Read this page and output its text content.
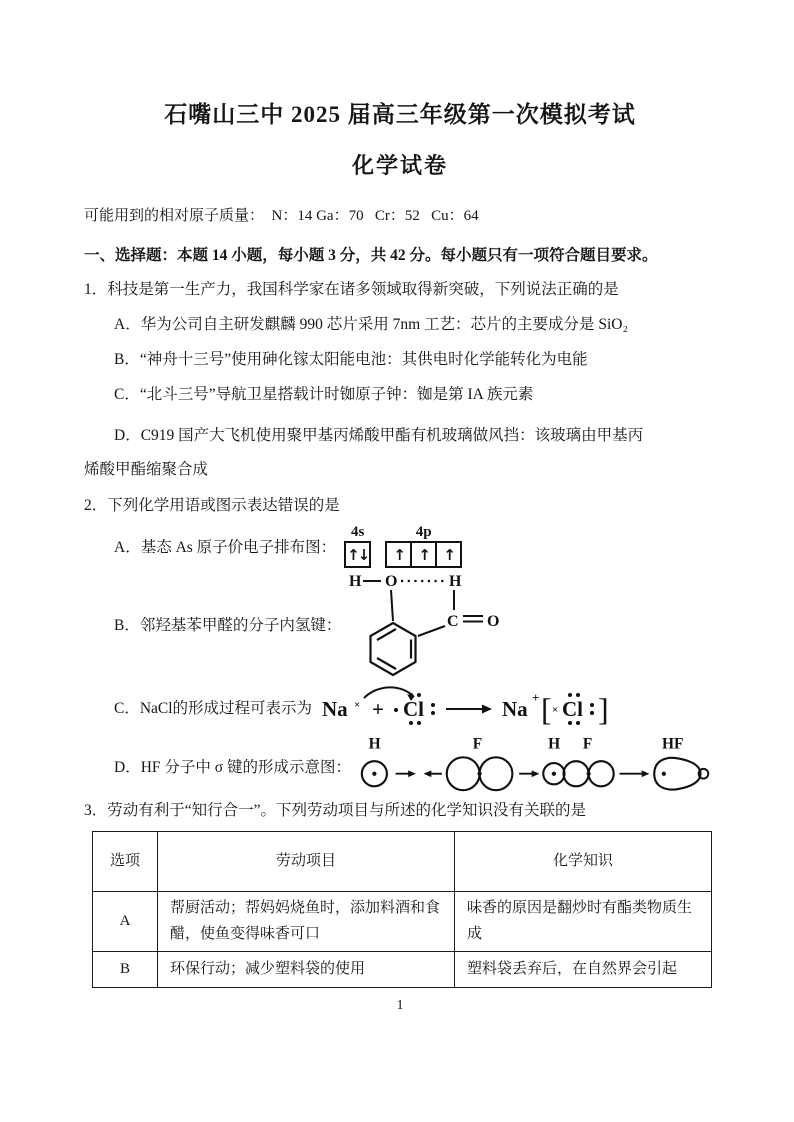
石嘴山三中 2025 届高三年级第一次模拟考试
化学试卷

可能用到的相对原子质量：  N：14 Ga：70   Cr：52   Cu：64

一、选择题：本题 14 小题，每小题 3 分，共 42 分。每小题只有一项符合题目要求。

1．科技是第一生产力，我国科学家在诸多领域取得新突破，下列说法正确的是

A．华为公司自主研发麒麟 990 芯片采用 7nm 工艺：芯片的主要成分是 SiO₂

B．“神舟十三号”使用砷化镓太阳能电池：其供电时化学能转化为电能

C．“北斗三号”导航卫星搭载计时铷原子钟：铷是第 IA 族元素

D．C919 国产大飞机使用聚甲基丙烯酸甲酯有机玻璃做风挡：该玻璃由甲基丙
烯酸甲酯缩聚合成

2．下列化学用语或图示表达错误的是

A．基态 As 原子价电子排布图：
4s
↑↓
4p
↑ ↑ ↑
B．邻羟基苯甲醛的分子内氢键：
H O	H
C O
C．NaCl的形成过程可表示为 Na × + Cl	Na + [ × Cl ]
D．HF 分子中 σ 键的形成示意图：
H	F	H F	HF

3．劳动有利于“知行合一”。下列劳动项目与所述的化学知识没有关联的是

选项	劳动项目	化学知识
A	帮厨活动；帮妈妈烧鱼时，添加料酒和食醋，使鱼变得味香可口	味香的原因是翻炒时有酯类物质生成
B	环保行动；减少塑料袋的使用	塑料袋丢弃后，在自然界会引起
1
